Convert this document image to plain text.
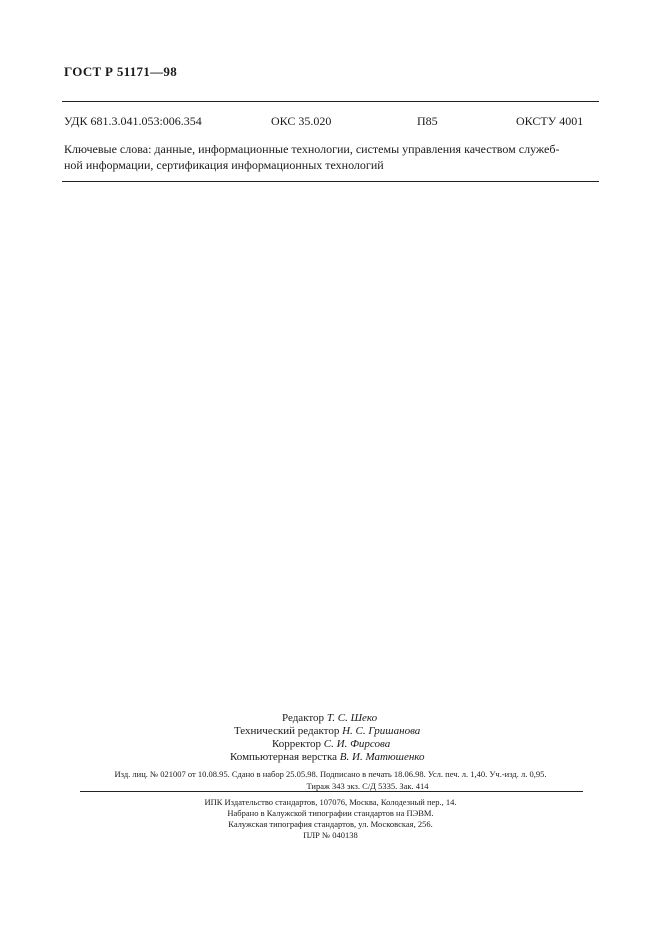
ГОСТ Р 51171—98
УДК 681.3.041.053:006.354	ОКС 35.020	П85	ОКСТУ 4001
Ключевые слова: данные, информационные технологии, системы управления качеством служеб-
ной информации, сертификация информационных технологий
Редактор Т. С. Шеко
Технический редактор Н. С. Гришанова
Корректор С. И. Фирсова
Компьютерная верстка В. И. Матюшенко
Изд. лиц. № 021007 от 10.08.95. Сдано в набор 25.05.98. Подписано в печать 18.06.98. Усл. печ. л. 1,40. Уч.-изд. л. 0,95.
Тираж 343 экз. С/Д 5335. Зак. 414
ИПК Издательство стандартов, 107076, Москва, Колодезный пер., 14.
Набрано в Калужской типографии стандартов на ПЭВМ.
Калужская типография стандартов, ул. Московская, 256.
ПЛР № 040138
